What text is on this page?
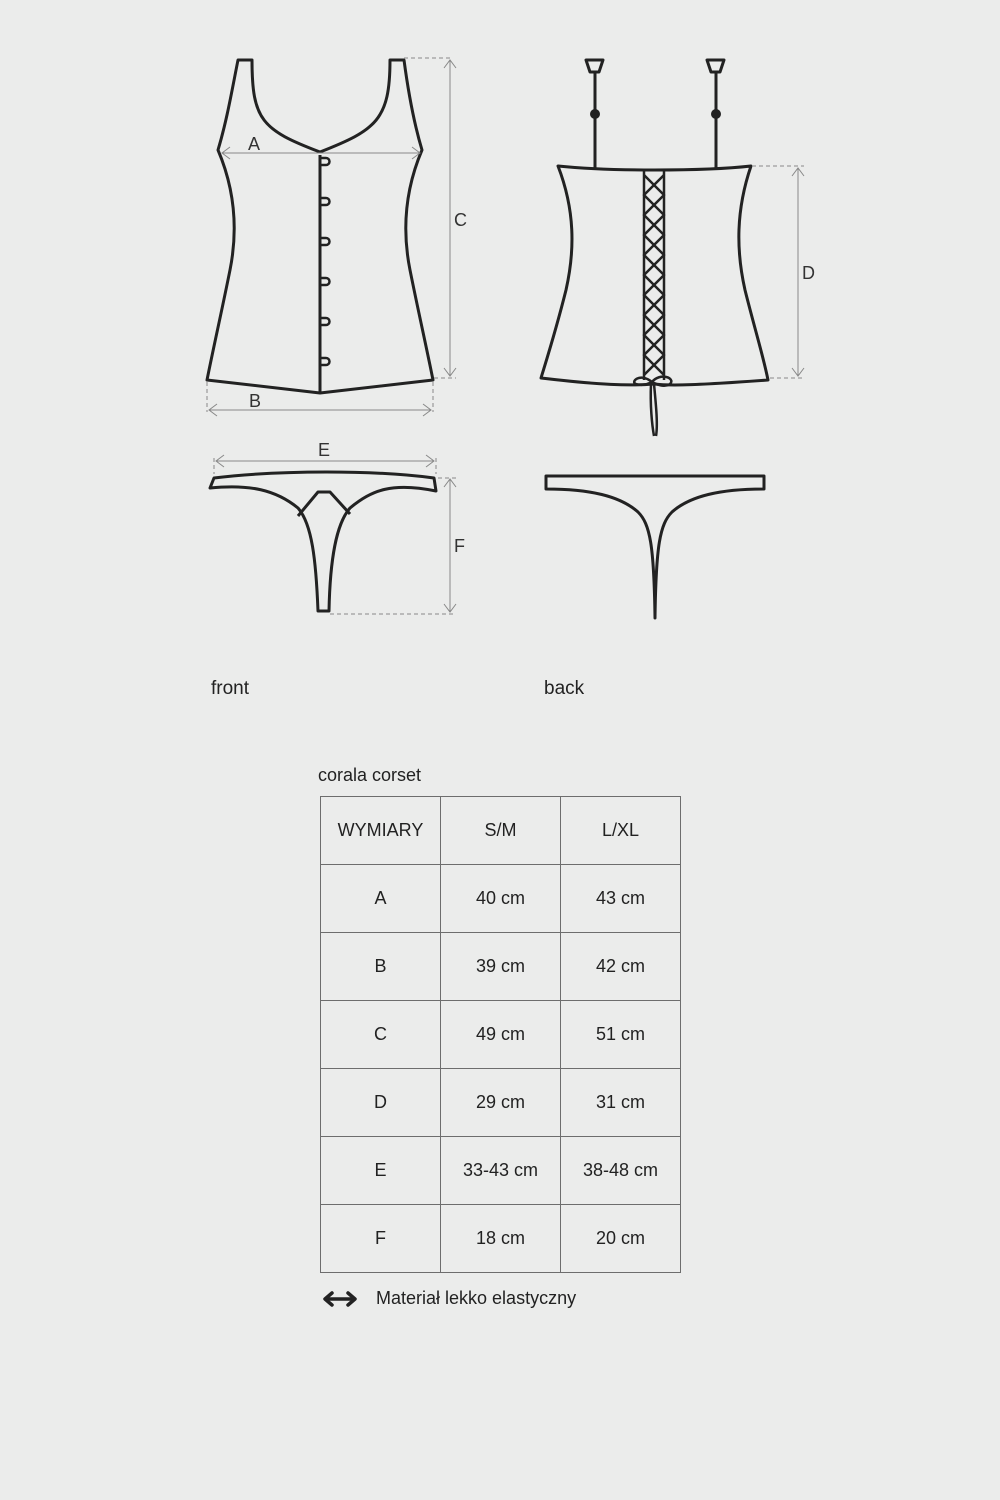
A
C
B
E
F
D
front	back
corala corset
WYMIARY	S/M	L/XL
A	40 cm	43 cm
B	39 cm	42 cm
C	49 cm	51 cm
D	29 cm	31 cm
E	33-43 cm	38-48 cm
F	18 cm	20 cm
Materiał lekko elastyczny
